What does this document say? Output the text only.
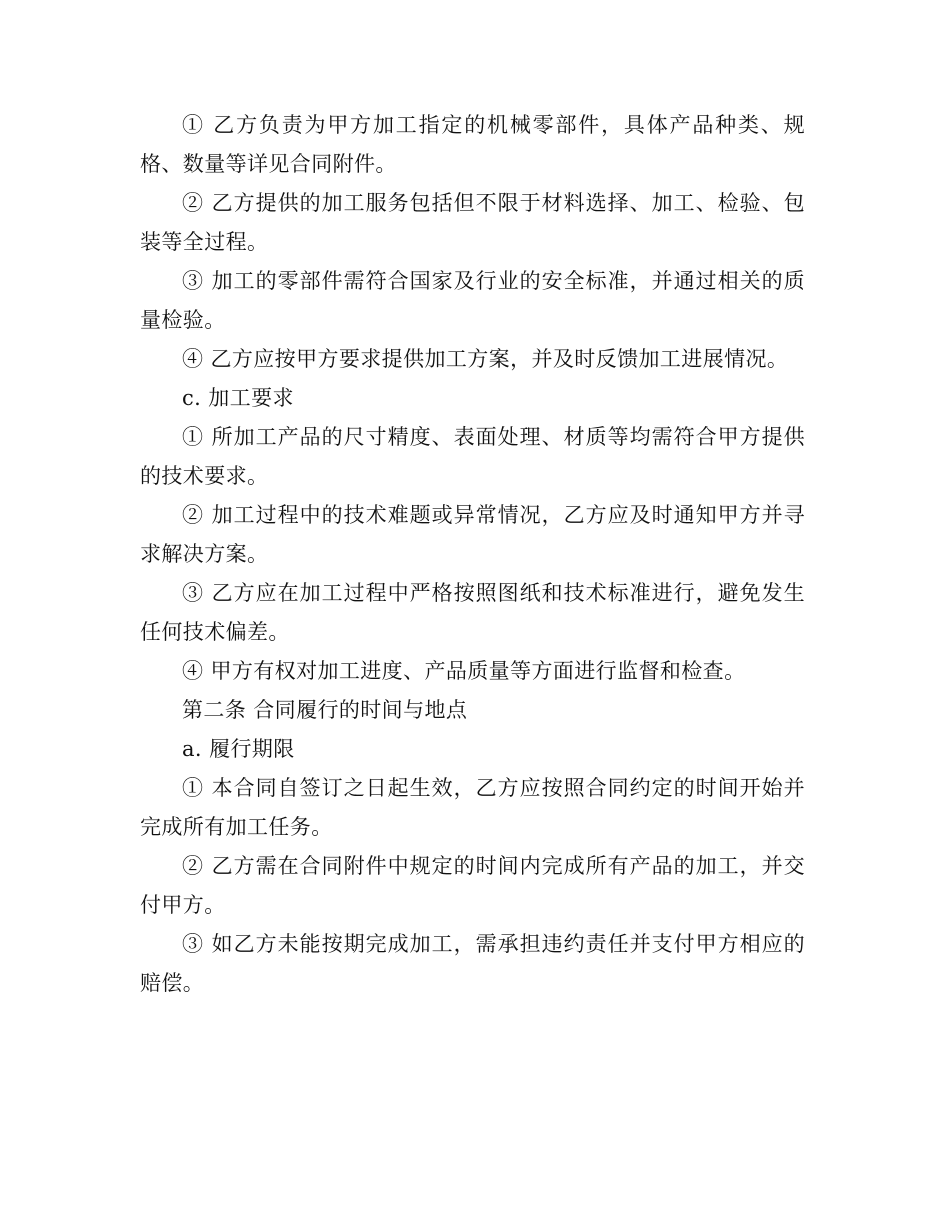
① 乙方负责为甲方加工指定的机械零部件，具体产品种类、规格、数量等详见合同附件。

② 乙方提供的加工服务包括但不限于材料选择、加工、检验、包装等全过程。

③ 加工的零部件需符合国家及行业的安全标准，并通过相关的质量检验。

④ 乙方应按甲方要求提供加工方案，并及时反馈加工进展情况。

c. 加工要求

① 所加工产品的尺寸精度、表面处理、材质等均需符合甲方提供的技术要求。

② 加工过程中的技术难题或异常情况，乙方应及时通知甲方并寻求解决方案。

③ 乙方应在加工过程中严格按照图纸和技术标准进行，避免发生任何技术偏差。

④ 甲方有权对加工进度、产品质量等方面进行监督和检查。

第二条 合同履行的时间与地点

a. 履行期限

① 本合同自签订之日起生效，乙方应按照合同约定的时间开始并完成所有加工任务。

② 乙方需在合同附件中规定的时间内完成所有产品的加工，并交付甲方。

③ 如乙方未能按期完成加工，需承担违约责任并支付甲方相应的赔偿。
